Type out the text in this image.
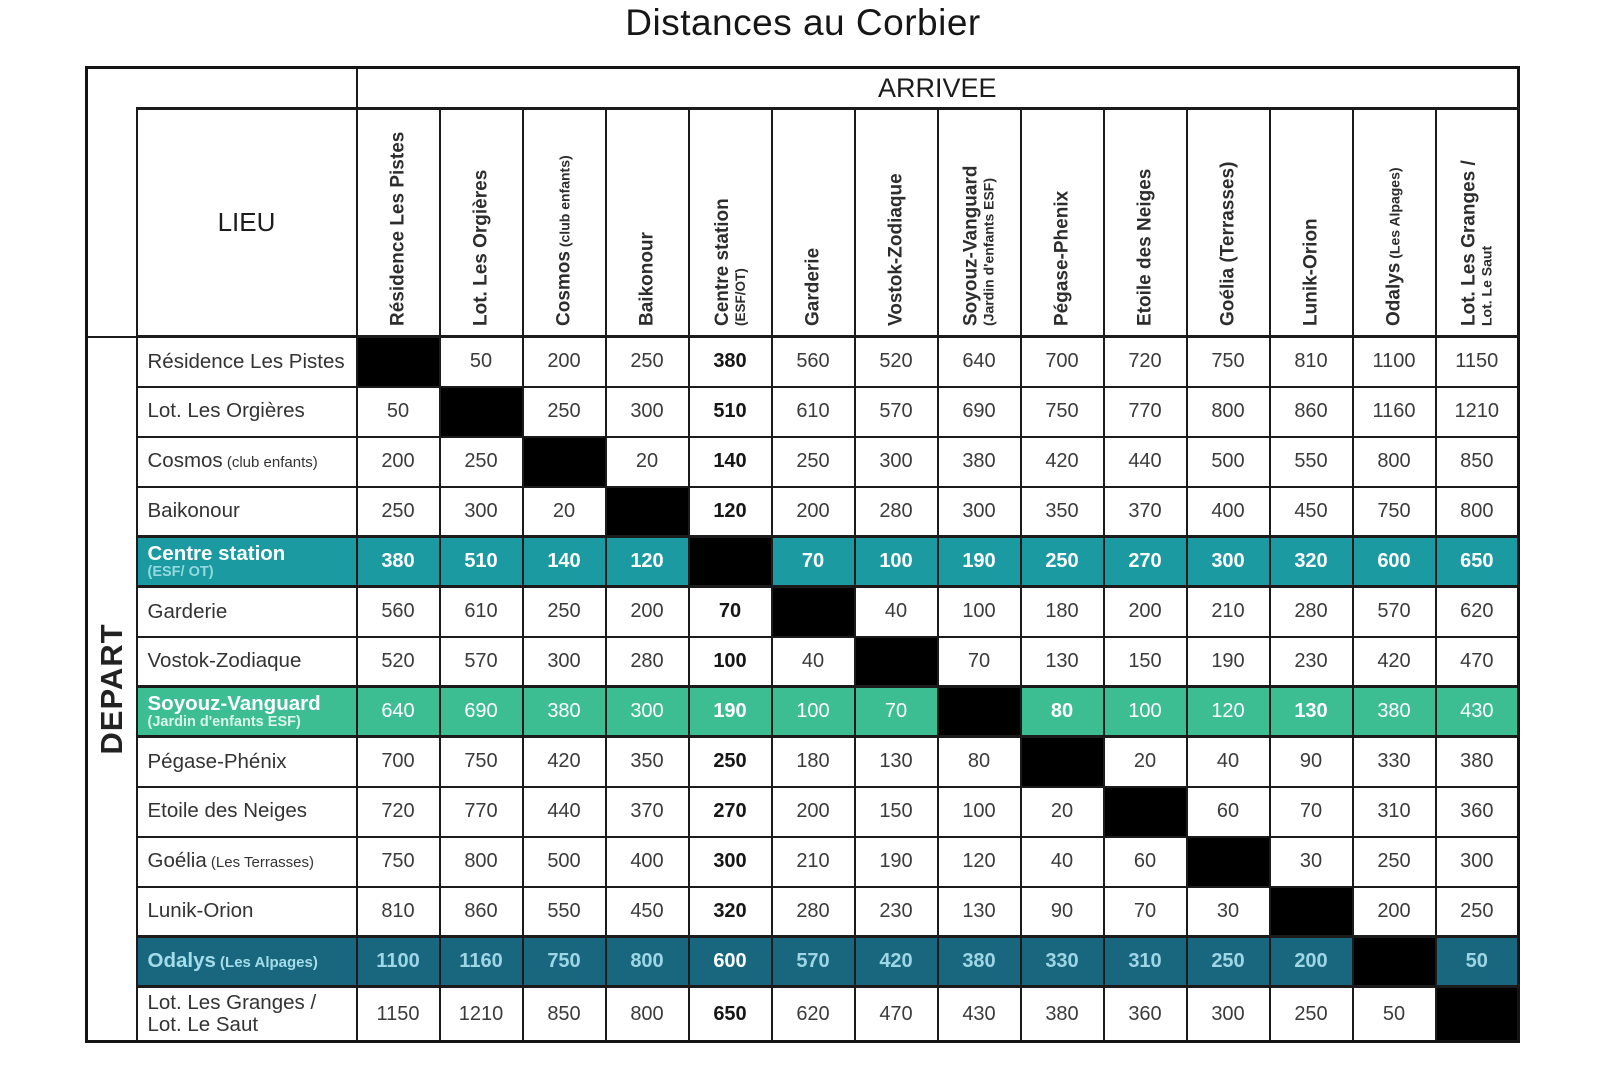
Distances au Corbier
		ARRIVEE													
	LIEU	Résidence Les Pistes	Lot. Les Orgières	Cosmos (club enfants)	Baikonour	Centre station (ESF/OT)	Garderie	Vostok-Zodiaque	Soyouz-Vanguard (Jardin d'enfants ESF)	Pégase-Phenix	Etoile des Neiges	Goélia (Terrasses)	Lunik-Orion	Odalys (Les Alpages)	Lot. Les Granges / Lot. Le Saut

DEPART	Résidence Les Pistes		50	200	250	380	560	520	640	700	720	750	810	1100	1150
	Lot. Les Orgières	50		250	300	510	610	570	690	750	770	800	860	1160	1210
	Cosmos (club enfants)	200	250		20	140	250	300	380	420	440	500	550	800	850
	Baikonour	250	300	20		120	200	280	300	350	370	400	450	750	800
	Centre station
(ESF/ OT)	380	510	140	120		70	100	190	250	270	300	320	600	650
	Garderie	560	610	250	200	70		40	100	180	200	210	280	570	620
	Vostok-Zodiaque	520	570	300	280	100	40		70	130	150	190	230	420	470
	Soyouz-Vanguard
(Jardin d'enfants ESF)	640	690	380	300	190	100	70		80	100	120	130	380	430
	Pégase-Phénix	700	750	420	350	250	180	130	80		20	40	90	330	380
	Etoile des Neiges	720	770	440	370	270	200	150	100	20		60	70	310	360
	Goélia (Les Terrasses)	750	800	500	400	300	210	190	120	40	60		30	250	300
	Lunik-Orion	810	860	550	450	320	280	230	130	90	70	30		200	250
	Odalys (Les Alpages)	1100	1160	750	800	600	570	420	380	330	310	250	200		50
	Lot. Les Granges /
Lot. Le Saut	1150	1210	850	800	650	620	470	430	380	360	300	250	50	
